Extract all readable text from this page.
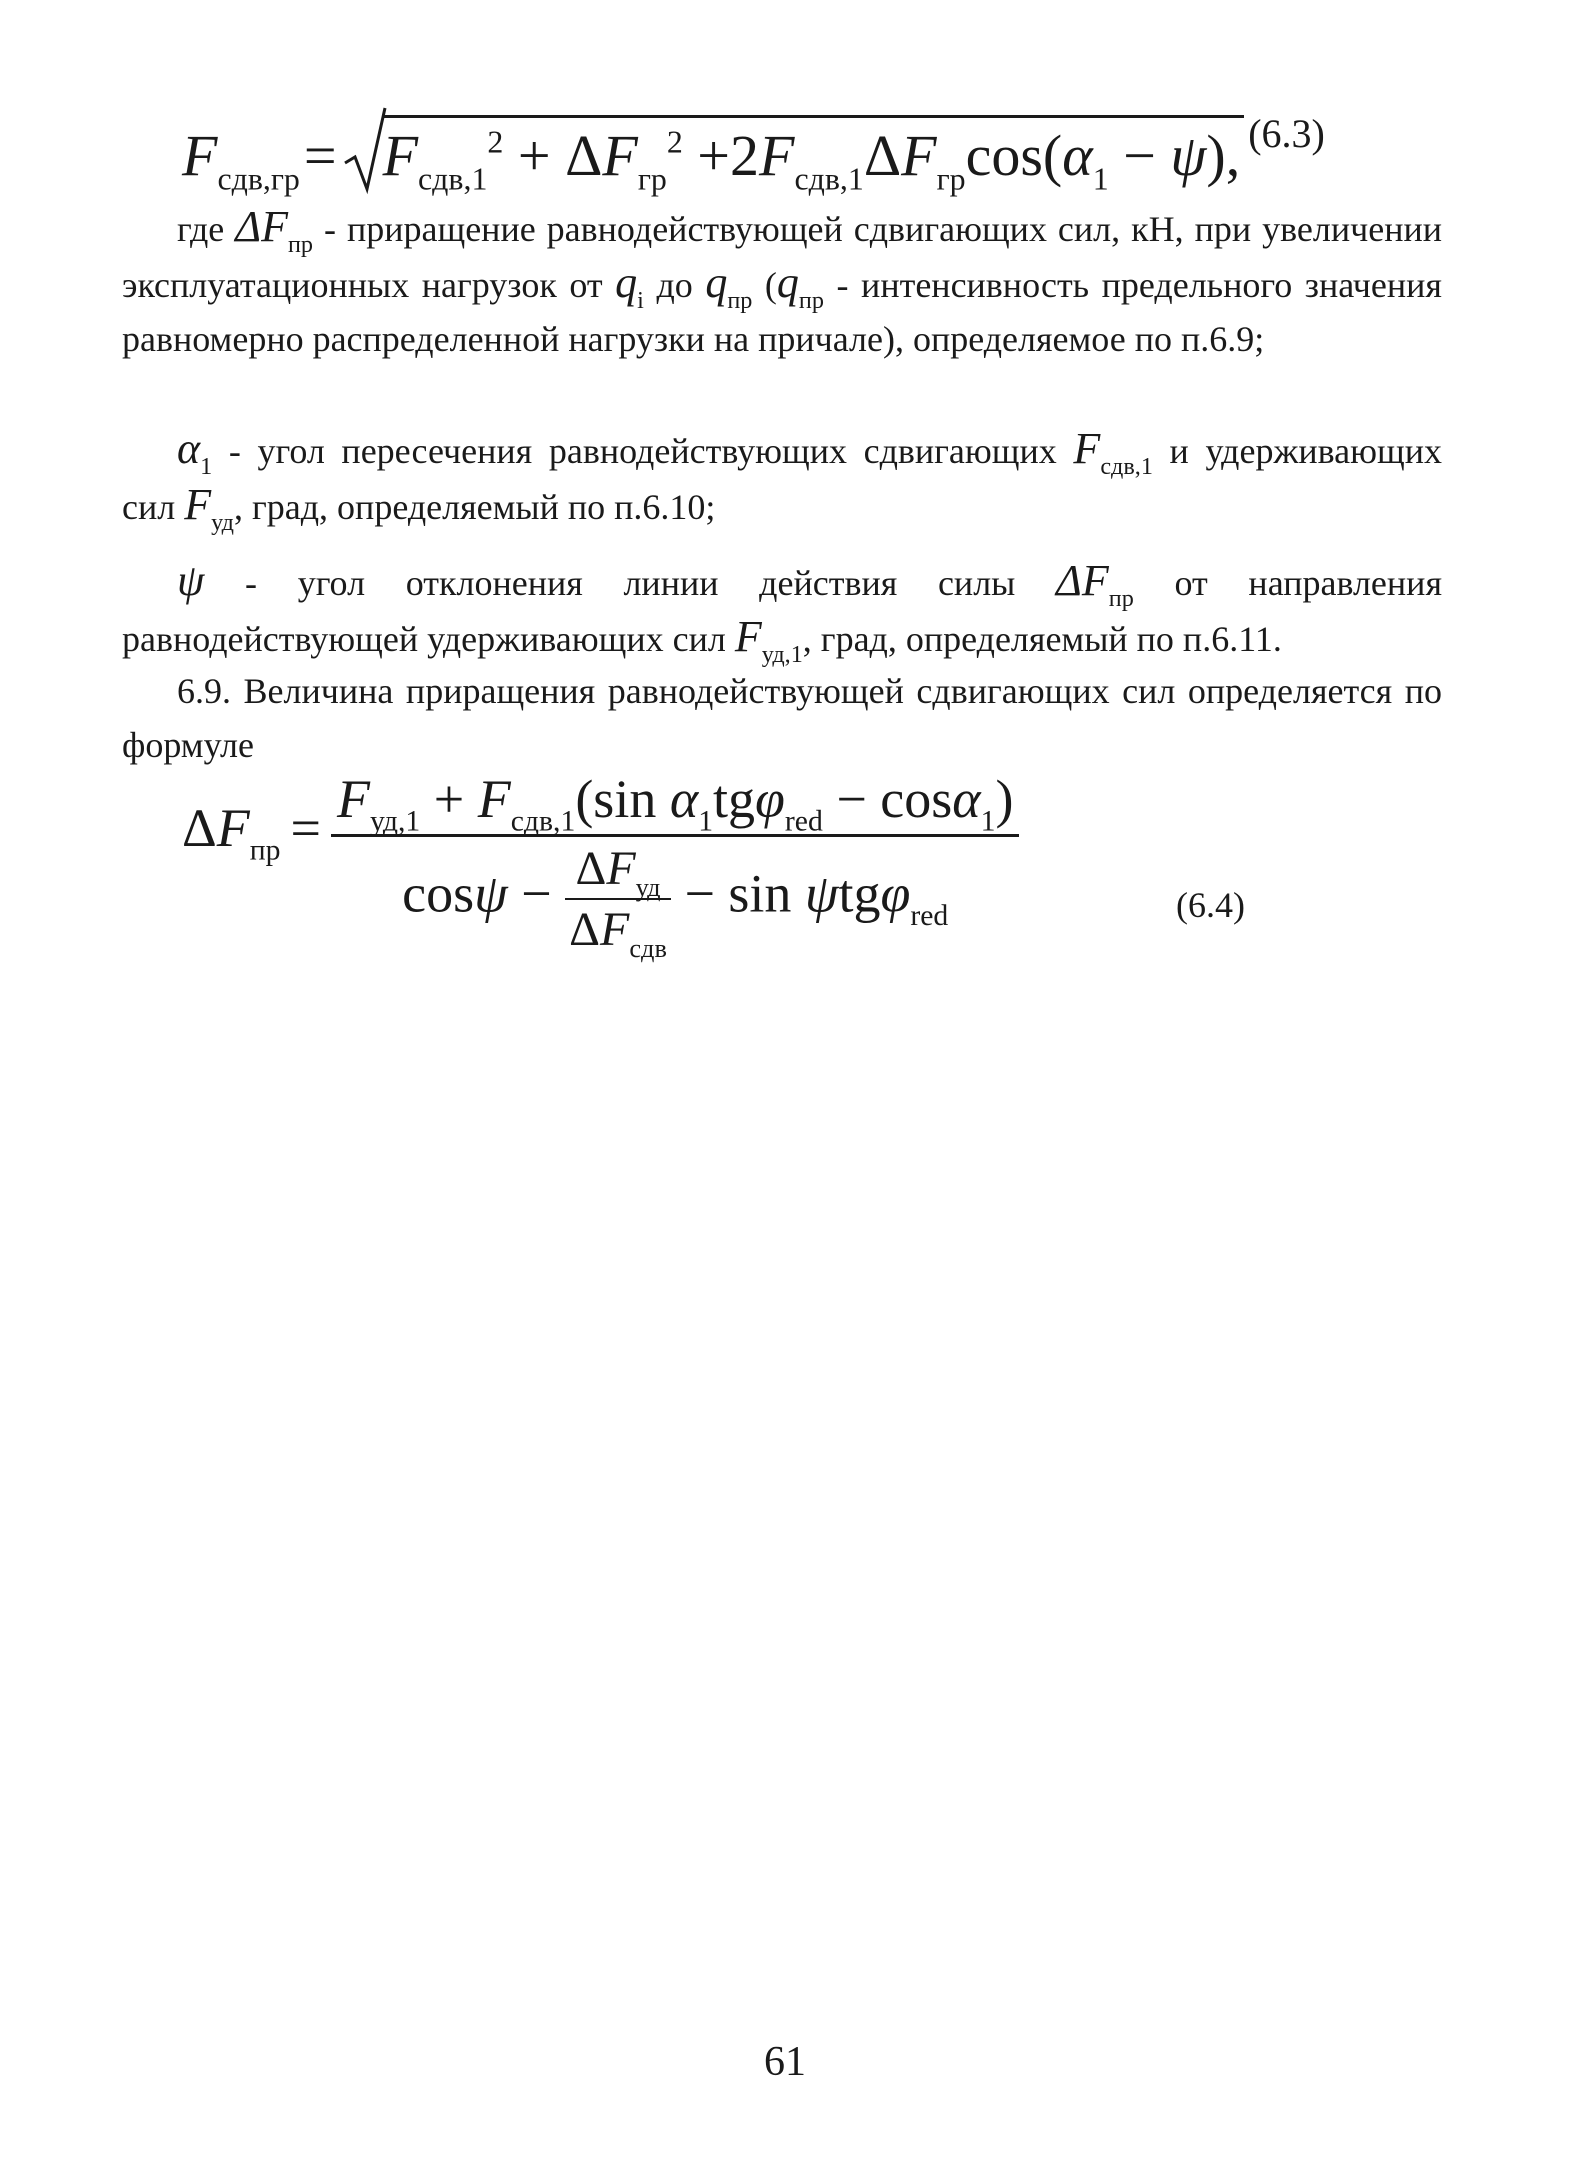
$F_{сдв,гр}= F_{сдв,1}^2 + \Delta F_{гр}^2 +2F_{сдв,1}\Delta F_{гр}\cos(\alpha_1 - \psi)$, $^{(6.3)}$
где $\Delta F_{пр}$ - приращение равнодействующей сдвигающих сил, кН, при увеличении эксплуатационных нагрузок от $q_i$ до $q_{пр}$ ($q_{пр}$ - интенсивность предельного значения равномерно распределенной нагрузки на причале), определяемое по п.6.9;
$\alpha_1$ - угол пересечения равнодействующих сдвигающих $F_{сдв,1}$ и удерживающих сил $F_{уд}$, град, определяемый по п.6.10;
ψ - угол отклонения линии действия силы $\Delta F_{пр}$ от направления равнодействующей удерживающих сил $F_{уд,1}$, град, определяемый по п.6.11.
6.9. Величина приращения равнодействующей сдвигающих сил определяется по формуле
$\Delta F_{пр} = \frac{F_{уд,1} + F_{сдв,1}(\sin \alpha_1tg\varphi_{red} - \cos\alpha_1)}{\cos\psi - \frac{\Delta F_{уд}}{\Delta F_{сдв}} - \sin \psi tg\varphi_{red}}$	(6.4)
61
